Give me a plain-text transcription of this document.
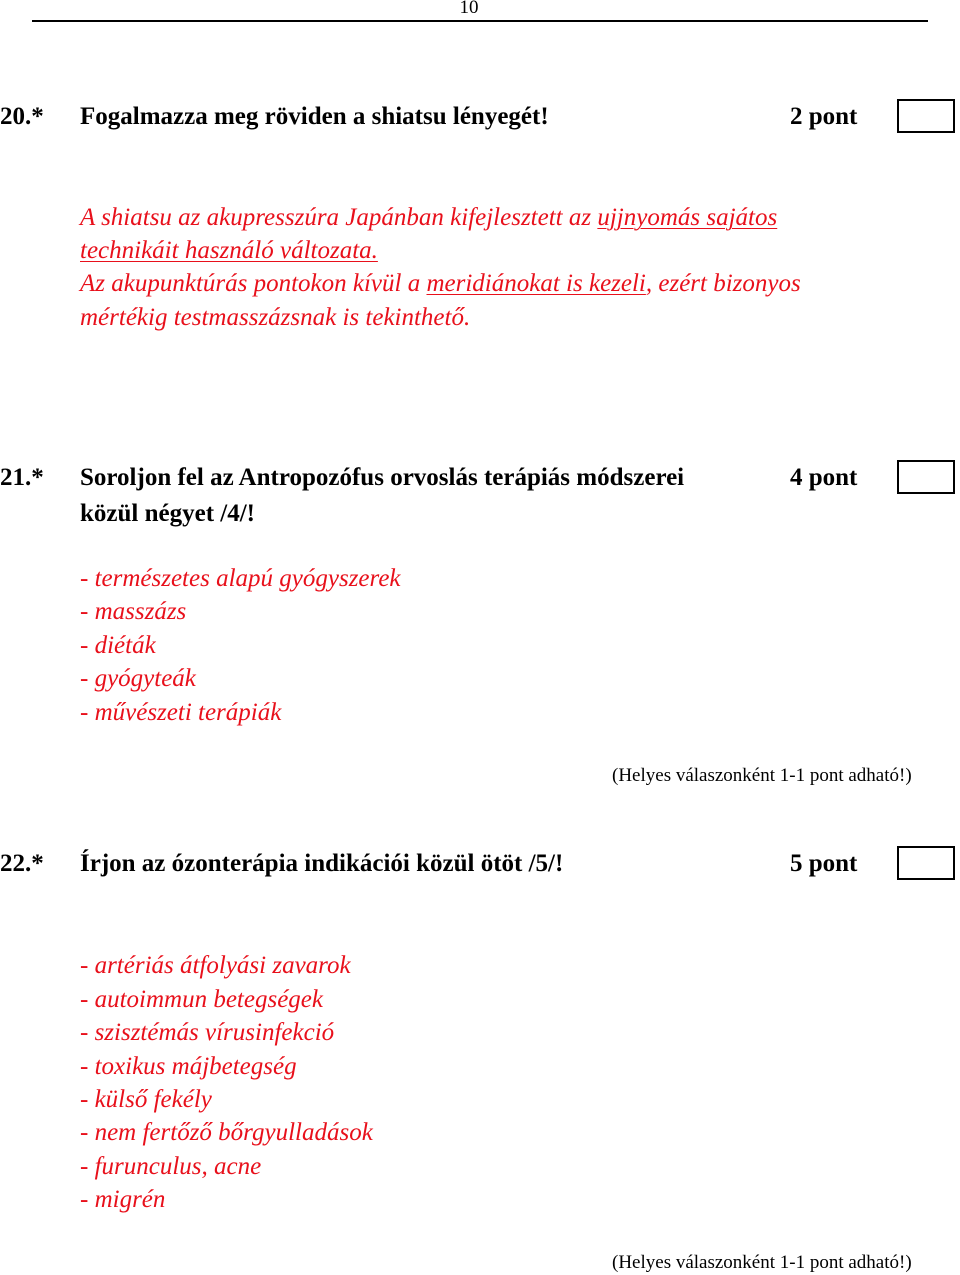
10
20.* Fogalmazza meg röviden a shiatsu lényegét!	2 pont
A shiatsu az akupresszúra Japánban kifejlesztett az ujjnyomás sajátos
technikáit használó változata.
Az akupunktúrás pontokon kívül a meridiánokat is kezeli, ezért bizonyos
mértékig testmasszázsnak is tekinthető.
21.* Soroljon fel az Antropozófus orvoslás terápiás módszerei
közül négyet /4/!
4 pont
- természetes alapú gyógyszerek
- masszázs
- diéták
- gyógyteák
- művészeti terápiák
(Helyes válaszonként 1-1 pont adható!)
22.* Írjon az ózonterápia indikációi közül ötöt /5/!	5 pont
- artériás átfolyási zavarok
- autoimmun betegségek
- szisztémás vírusinfekció
- toxikus májbetegség
- külső fekély
- nem fertőző bőrgyulladások
- furunculus, acne
- migrén
(Helyes válaszonként 1-1 pont adható!)
